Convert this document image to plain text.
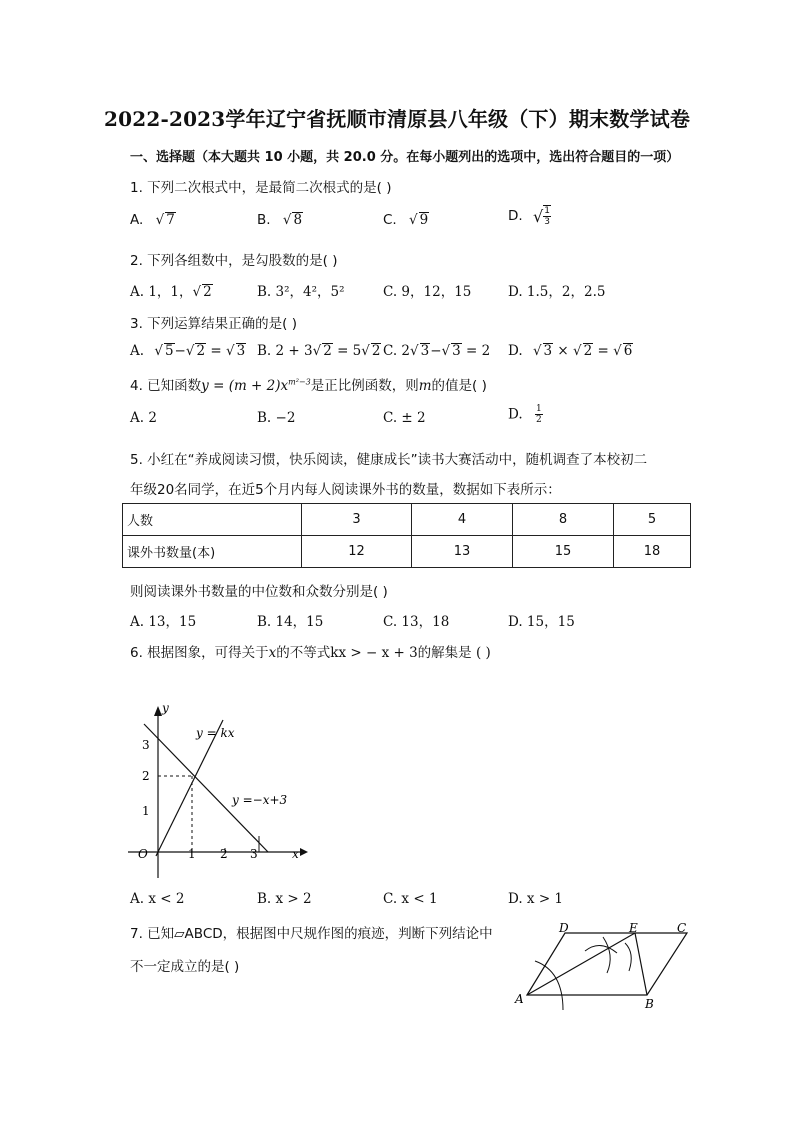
2022-2023学年辽宁省抚顺市清原县八年级（下）期末数学试卷
一、选择题（本大题共 10 小题，共 20.0 分。在每小题列出的选项中，选出符合题目的一项）
1. 下列二次根式中，是最简二次根式的是( )
A. √ 7	B. √ 8	C. √ 9	D. √ $\frac{1}{3}$
2. 下列各组数中，是勾股数的是( )
A. 1，1，√ 2	B. 3²，4²，5²	C. 9，12，15	D. 1.5，2，2.5
3. 下列运算结果正确的是( )
A. √ 5−√ 2 = √ 3 B. 2 + 3√ 2 = 5√ 2 C. 2√ 3−√ 3 = 2 D. √ 3 × √ 2 = √ 6
4. 已知函数$y = (m + 2)x^{m^2-3}$是正比例函数，则m的值是( )
A. 2	B. −2	C. ± 2	D. $\frac{1}{2}$
5. 小红在“养成阅读习惯，快乐阅读，健康成长”读书大赛活动中，随机调查了本校初二
年级20名同学，在近5个月内每人阅读课外书的数量，数据如下表所示：
人数	3	4	8	5
课外书数量(本)	12	13	15	18
则阅读课外书数量的中位数和众数分别是( )
A. 13，15	B. 14，15	C. 13，18	D. 15，15
6. 根据图象，可得关于x的不等式kx > − x + 3的解集是 ( )
y
x
O
1
2
3
1 2 3
y = kx
y =−x+3
A. x < 2	B. x > 2	C. x < 1	D. x > 1
7. 已知▱ABCD，根据图中尺规作图的痕迹，判断下列结论中
不一定成立的是( )
A	B
C
D	E
